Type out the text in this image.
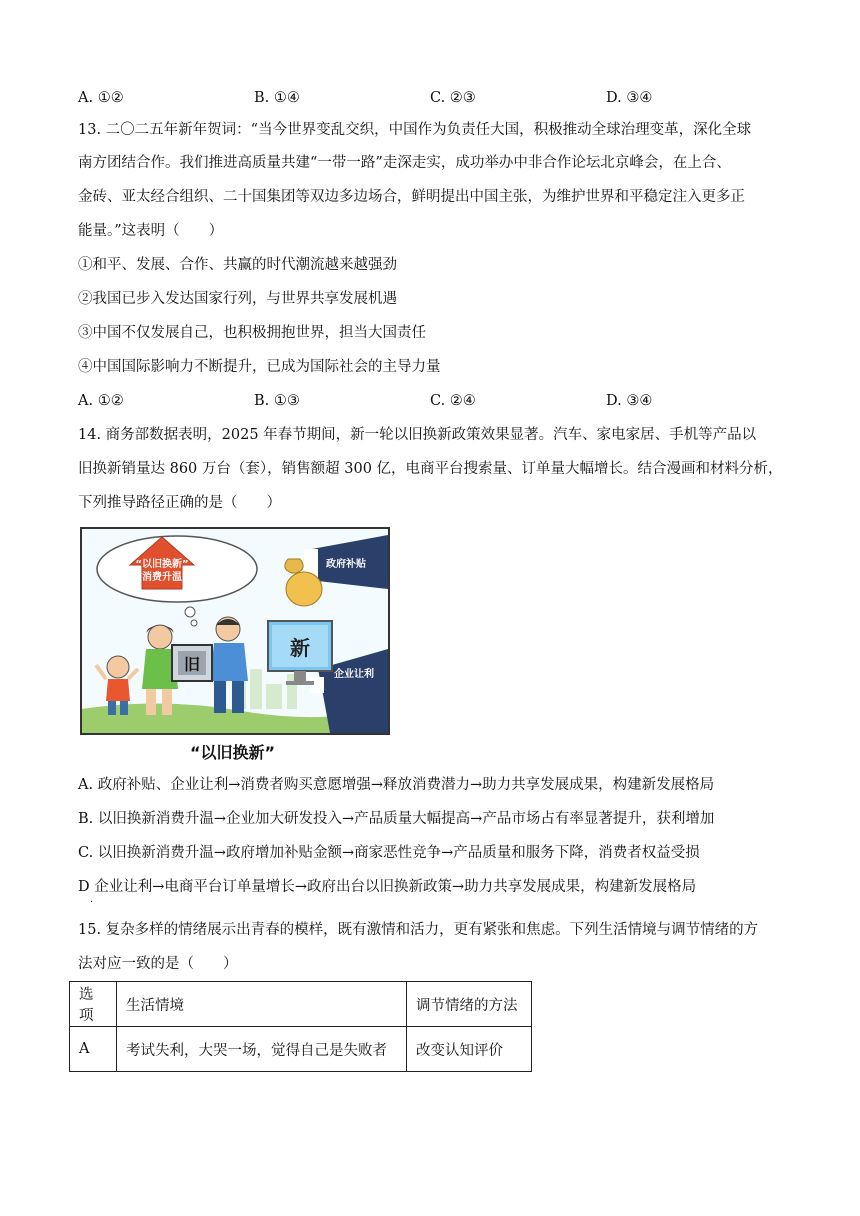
A. ①②	B. ①④	C. ②③	D. ③④
13. 二〇二五年新年贺词：“当今世界变乱交织，中国作为负责任大国，积极推动全球治理变革，深化全球
南方团结合作。我们推进高质量共建“一带一路”走深走实，成功举办中非合作论坛北京峰会，在上合、
金砖、亚太经合组织、二十国集团等双边多边场合，鲜明提出中国主张，为维护世界和平稳定注入更多正
能量。”这表明（　　）
①和平、发展、合作、共赢的时代潮流越来越强劲
②我国已步入发达国家行列，与世界共享发展机遇
③中国不仅发展自己，也积极拥抱世界，担当大国责任
④中国国际影响力不断提升，已成为国际社会的主导力量
A. ①②	B. ①③	C. ②④	D. ③④
14. 商务部数据表明，2025 年春节期间，新一轮以旧换新政策效果显著。汽车、家电家居、手机等产品以
旧换新销量达 860 万台（套），销售额超 300 亿，电商平台搜索量、订单量大幅增长。结合漫画和材料分析，
下列推导路径正确的是（　　）
“以旧换新”
消费升温
政府补贴
企业让利
新
旧
“以旧换新”
A. 政府补贴、企业让利→消费者购买意愿增强→释放消费潜力→助力共享发展成果，构建新发展格局
B. 以旧换新消费升温→企业加大研发投入→产品质量大幅提高→产品市场占有率显著提升，获利增加
C. 以旧换新消费升温→政府增加补贴金额→商家恶性竞争→产品质量和服务下降，消费者权益受损
D 企业让利→电商平台订单量增长→政府出台以旧换新政策→助力共享发展成果，构建新发展格局
·
15. 复杂多样的情绪展示出青春的模样，既有激情和活力，更有紧张和焦虑。下列生活情境与调节情绪的方
法对应一致的是（　　）
选项	生活情境	调节情绪的方法
A	考试失利，大哭一场，觉得自己是失败者	改变认知评价
